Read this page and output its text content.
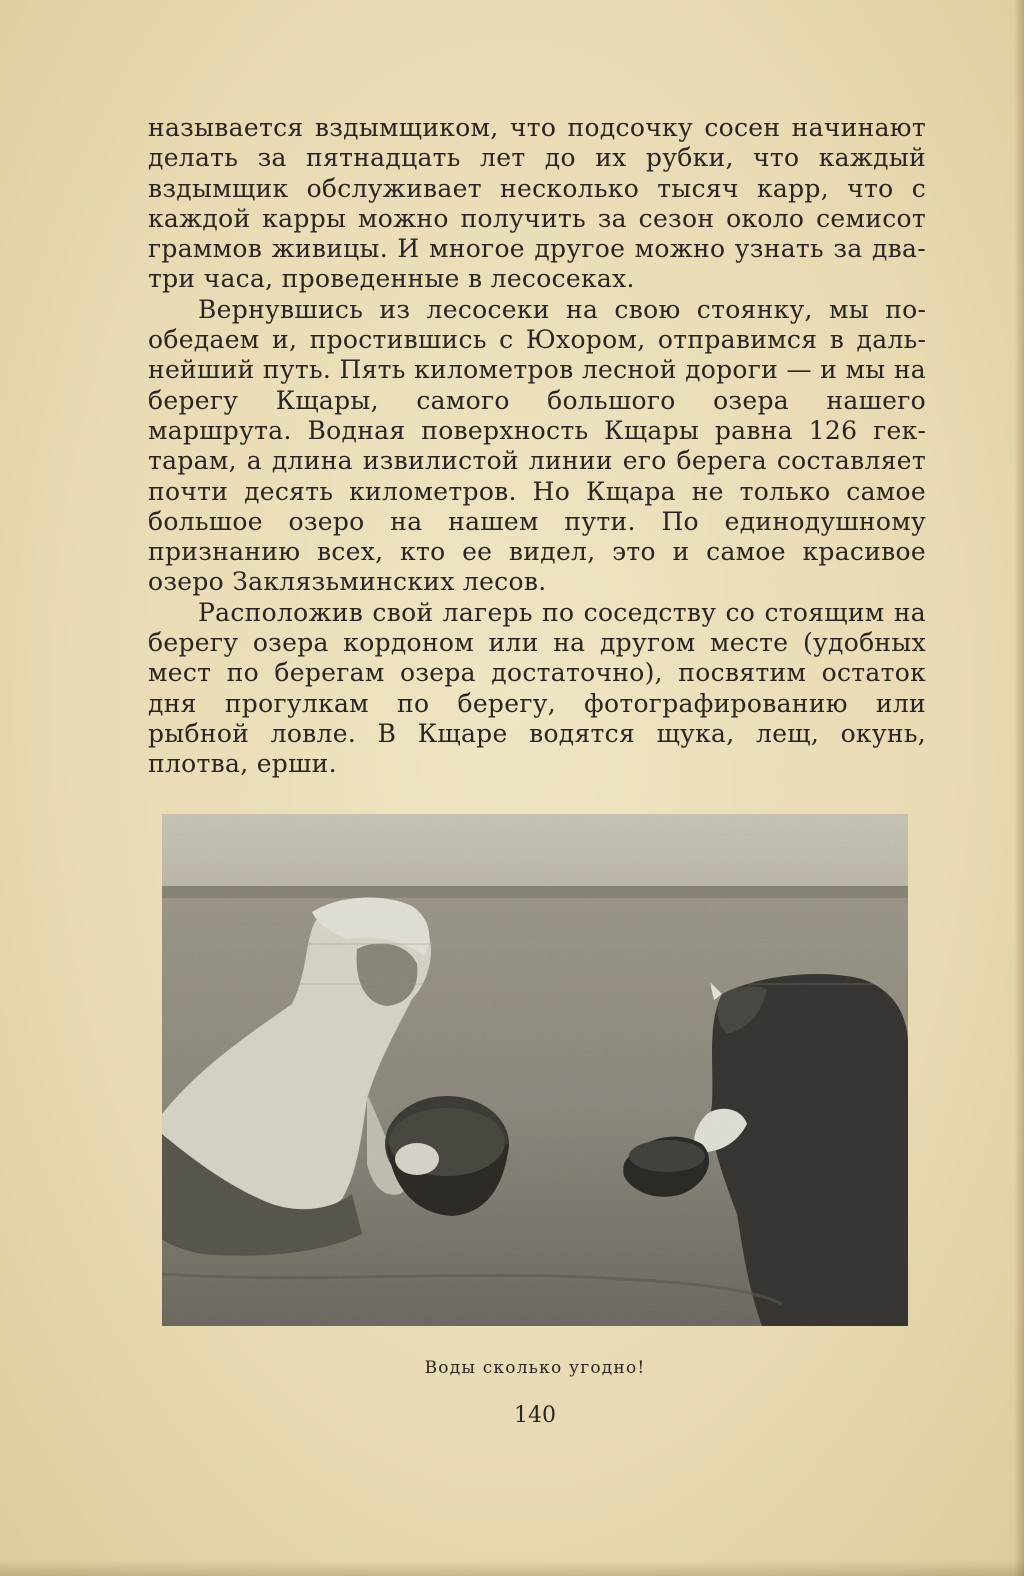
называется вздымщиком, что подсочку сосен начинают делать за пятнадцать лет до их рубки, что каждый вздымщик обслуживает несколько тысяч карр, что с каждой карры можно получить за сезон около семисот граммов живицы. И многое другое можно узнать за два-три часа, проведенные в лесосеках.

Вернувшись из лесосеки на свою стоянку, мы пообедаем и, простившись с Юхором, отправимся в дальнейший путь. Пять километров лесной дороги — и мы на берегу Кщары, самого большого озера нашего маршрута. Водная поверхность Кщары равна 126 гектарам, а длина извилистой линии его берега составляет почти десять километров. Но Кщара не только самое большое озеро на нашем пути. По единодушному признанию всех, кто ее видел, это и самое красивое озеро Заклязьминских лесов.

Расположив свой лагерь по соседству со стоящим на берегу озера кордоном или на другом месте (удобных мест по берегам озера достаточно), посвятим остаток дня прогулкам по берегу, фотографированию или рыбной ловле. В Кщаре водятся щука, лещ, окунь, плотва, ерши.

Воды сколько угодно!
140
